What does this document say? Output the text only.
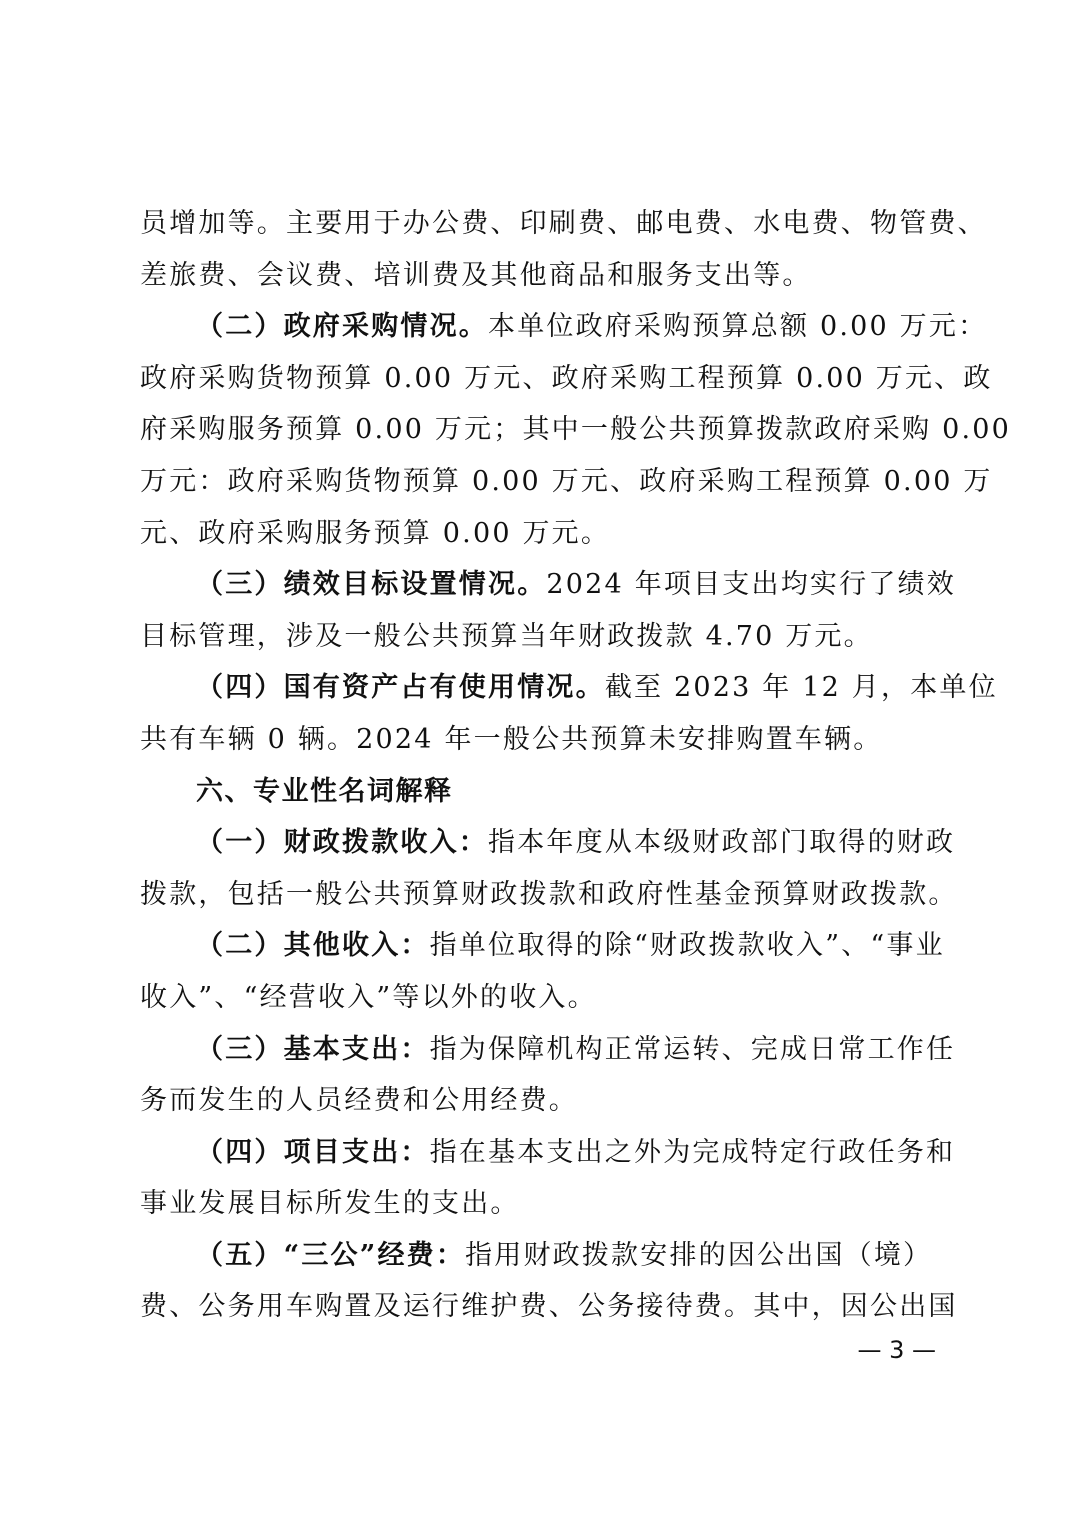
员增加等。主要用于办公费、印刷费、邮电费、水电费、物管费、
差旅费、会议费、培训费及其他商品和服务支出等。
（二）政府采购情况。本单位政府采购预算总额 0.00 万元：
政府采购货物预算 0.00 万元、政府采购工程预算 0.00 万元、政
府采购服务预算 0.00 万元；其中一般公共预算拨款政府采购 0.00
万元：政府采购货物预算 0.00 万元、政府采购工程预算 0.00 万
元、政府采购服务预算 0.00 万元。
（三）绩效目标设置情况。2024 年项目支出均实行了绩效
目标管理，涉及一般公共预算当年财政拨款 4.70 万元。
（四）国有资产占有使用情况。截至 2023 年 12 月，本单位
共有车辆 0 辆。2024 年一般公共预算未安排购置车辆。
六、专业性名词解释
（一）财政拨款收入：指本年度从本级财政部门取得的财政
拨款，包括一般公共预算财政拨款和政府性基金预算财政拨款。
（二）其他收入：指单位取得的除“财政拨款收入”、“事业
收入”、“经营收入”等以外的收入。
（三）基本支出：指为保障机构正常运转、完成日常工作任
务而发生的人员经费和公用经费。
（四）项目支出：指在基本支出之外为完成特定行政任务和
事业发展目标所发生的支出。
（五）“三公”经费：指用财政拨款安排的因公出国（境）
费、公务用车购置及运行维护费、公务接待费。其中，因公出国
— 3 —
